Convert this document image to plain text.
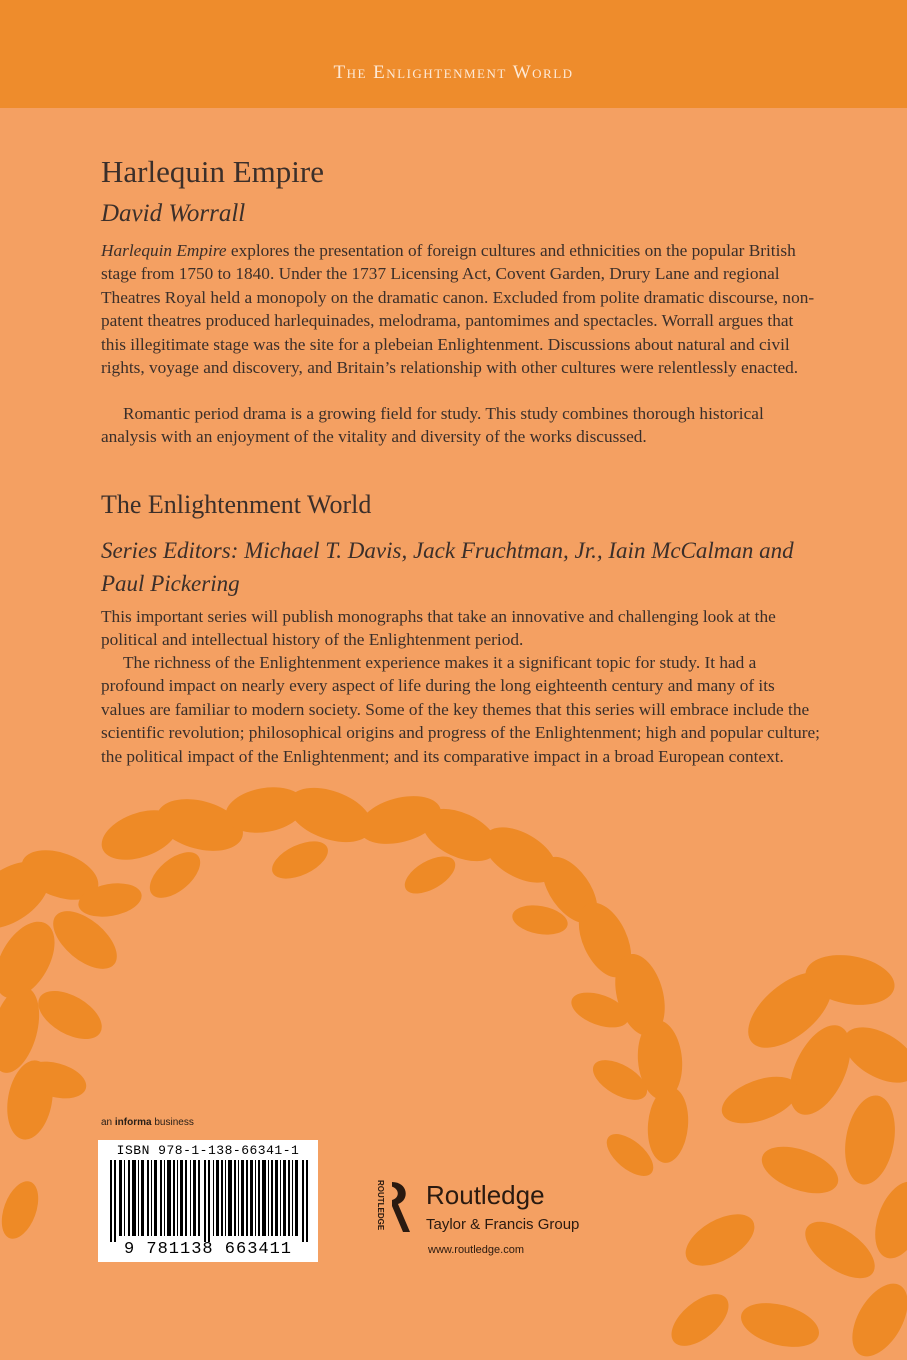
The Enlightenment World
Harlequin Empire
David Worrall

Harlequin Empire explores the presentation of foreign cultures and ethnicities on the popular British stage from 1750 to 1840. Under the 1737 Licensing Act, Covent Garden, Drury Lane and regional Theatres Royal held a monopoly on the dramatic canon. Excluded from polite dramatic discourse, non-patent theatres produced harlequinades, melodrama, pantomimes and spectacles. Worrall argues that this illegitimate stage was the site for a plebeian Enlightenment. Discussions about natural and civil rights, voyage and discovery, and Britain’s relationship with other cultures were relentlessly enacted.

Romantic period drama is a growing field for study. This study combines thorough historical analysis with an enjoyment of the vitality and diversity of the works discussed.

The Enlightenment World
Series Editors: Michael T. Davis, Jack Fruchtman, Jr., Iain McCalman and Paul Pickering

This important series will publish monographs that take an innovative and challenging look at the political and intellectual history of the Enlightenment period.

The richness of the Enlightenment experience makes it a significant topic for study. It had a profound impact on nearly every aspect of life during the long eighteenth century and many of its values are familiar to modern society. Some of the key themes that this series will embrace include the scientific revolution; philosophical origins and progress of the Enlightenment; high and popular culture; the political impact of the Enlightenment; and its comparative impact in a broad European context.

an informa business
ISBN 978-1-138-66341-1
9 781138 663411
ROUTLEDGE Routledge
Taylor & Francis Group
www.routledge.com
